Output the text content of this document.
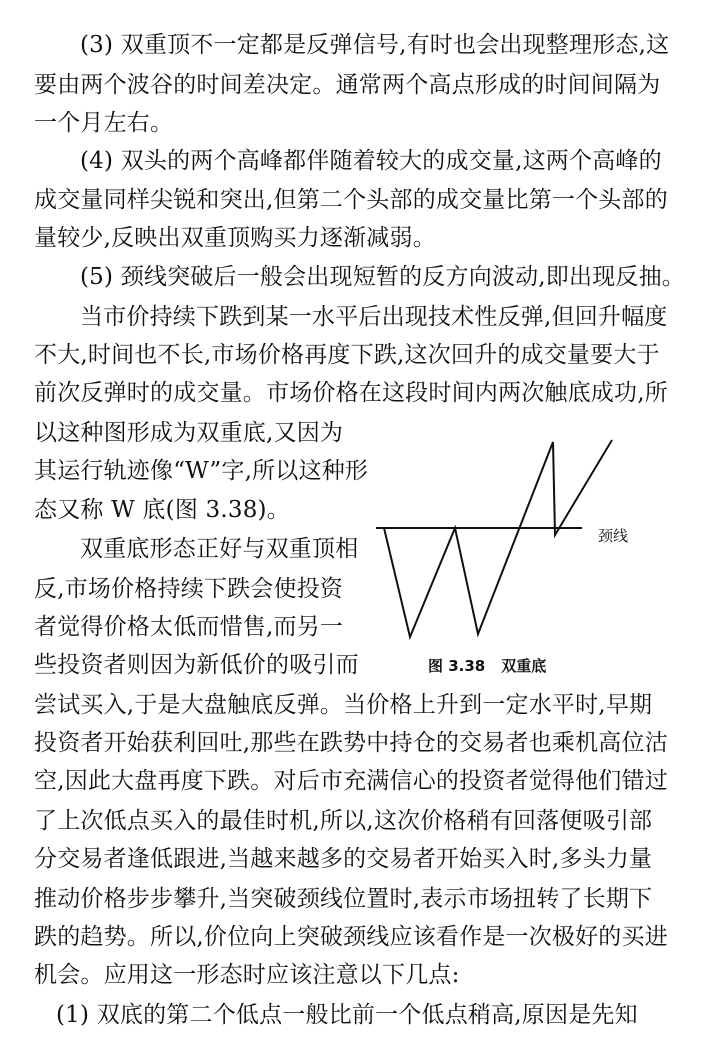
(3) 双重顶不一定都是反弹信号,有时也会出现整理形态,这
要由两个波谷的时间差决定。通常两个高点形成的时间间隔为
一个月左右。
(4) 双头的两个高峰都伴随着较大的成交量,这两个高峰的
成交量同样尖锐和突出,但第二个头部的成交量比第一个头部的
量较少,反映出双重顶购买力逐渐减弱。
(5) 颈线突破后一般会出现短暂的反方向波动,即出现反抽。
当市价持续下跌到某一水平后出现技术性反弹,但回升幅度
不大,时间也不长,市场价格再度下跌,这次回升的成交量要大于
前次反弹时的成交量。市场价格在这段时间内两次触底成功,所
以这种图形成为双重底,又因为
其运行轨迹像“W”字,所以这种形
态又称 W 底(图 3.38)。
双重底形态正好与双重顶相
反,市场价格持续下跌会使投资
者觉得价格太低而惜售,而另一
些投资者则因为新低价的吸引而
尝试买入,于是大盘触底反弹。当价格上升到一定水平时,早期
投资者开始获利回吐,那些在跌势中持仓的交易者也乘机高位沽
空,因此大盘再度下跌。对后市充满信心的投资者觉得他们错过
了上次低点买入的最佳时机,所以,这次价格稍有回落便吸引部
分交易者逢低跟进,当越来越多的交易者开始买入时,多头力量
推动价格步步攀升,当突破颈线位置时,表示市场扭转了长期下
跌的趋势。所以,价位向上突破颈线应该看作是一次极好的买进
机会。应用这一形态时应该注意以下几点:
(1) 双底的第二个低点一般比前一个低点稍高,原因是先知
颈线
图 3.38 双重底
